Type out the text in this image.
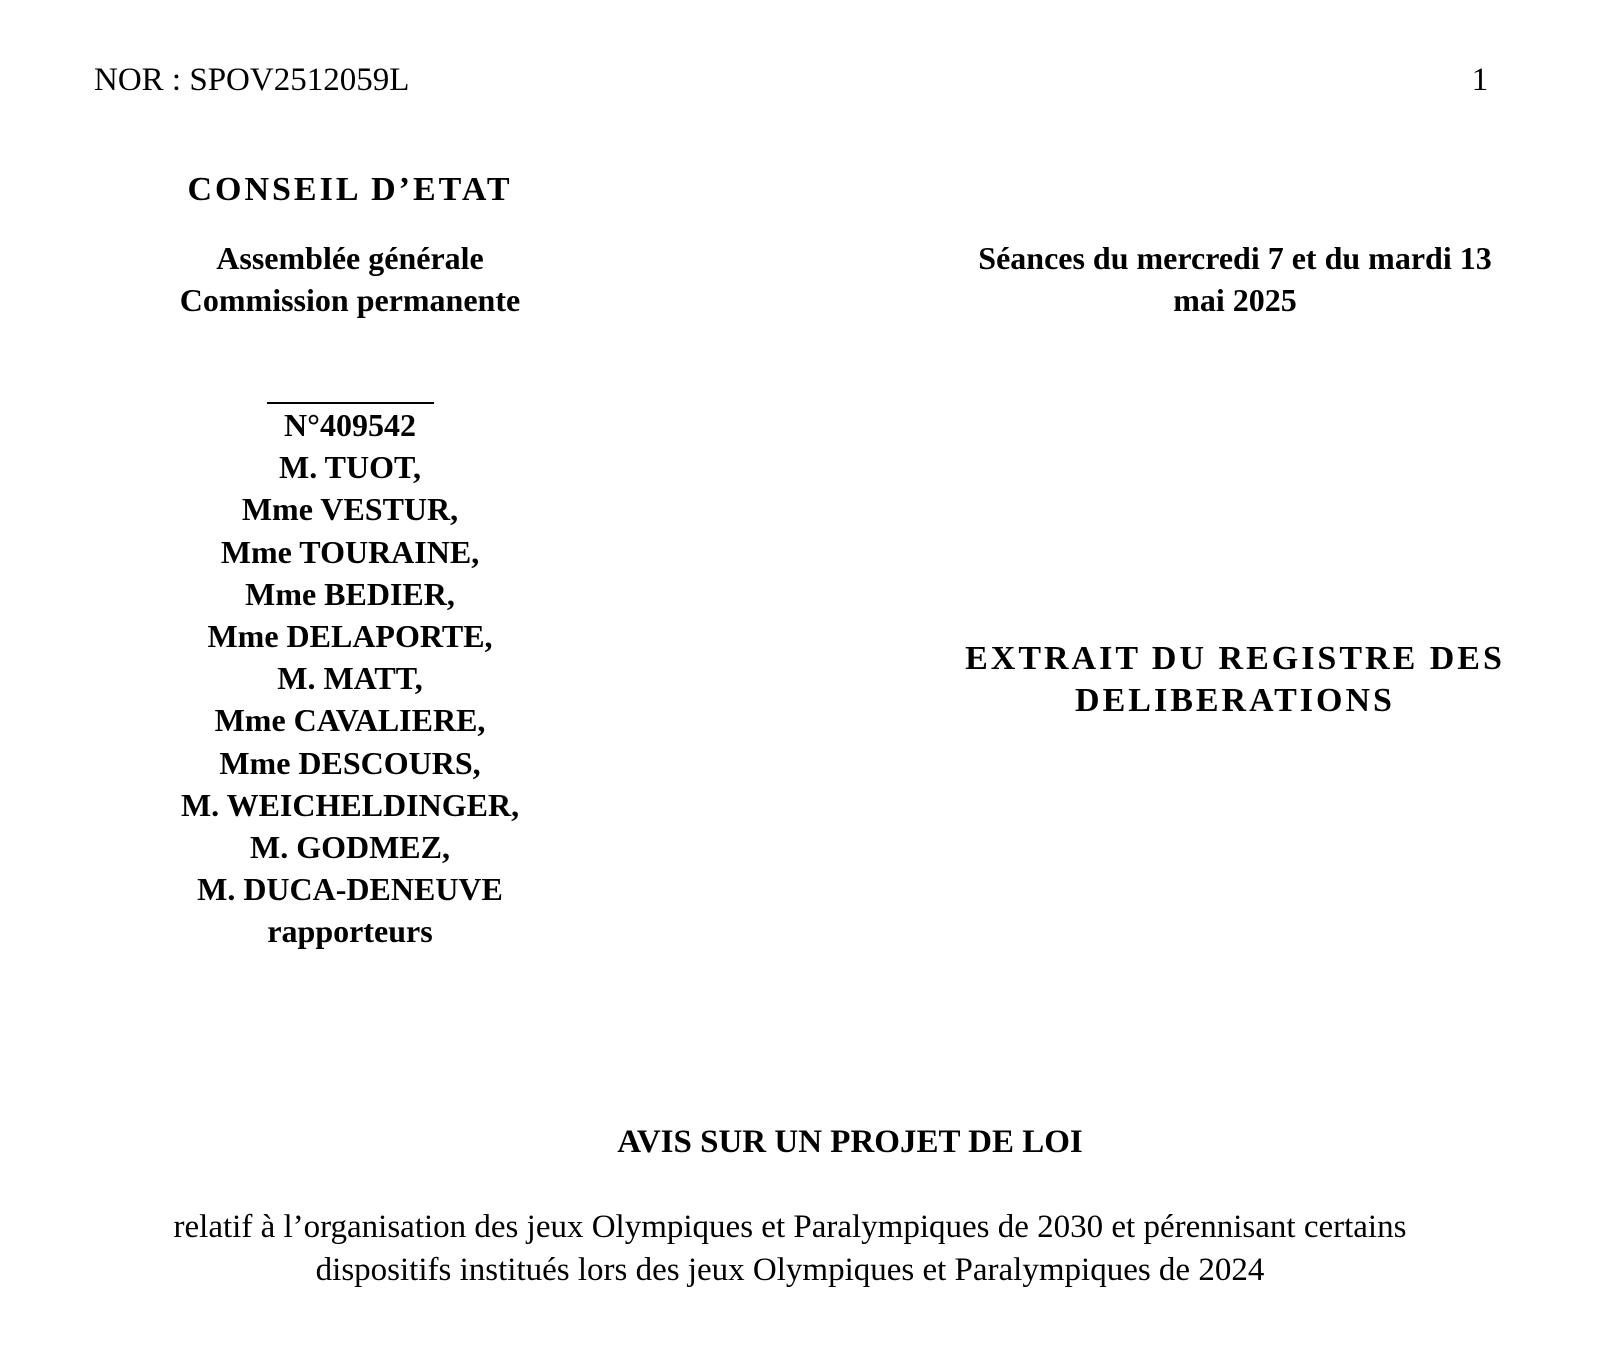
NOR : SPOV2512059L	1
CONSEIL D’ETAT
Assemblée générale
Commission permanente
N°409542
M. TUOT,
Mme VESTUR,
Mme TOURAINE,
Mme BEDIER,
Mme DELAPORTE,
M. MATT,
Mme CAVALIERE,
Mme DESCOURS,
M. WEICHELDINGER,
M. GODMEZ,
M. DUCA-DENEUVE
rapporteurs
Séances du mercredi 7 et du mardi 13
mai 2025
EXTRAIT DU REGISTRE DES
DELIBERATIONS
AVIS SUR UN PROJET DE LOI
relatif à l’organisation des jeux Olympiques et Paralympiques de 2030 et pérennisant certains
dispositifs institués lors des jeux Olympiques et Paralympiques de 2024
